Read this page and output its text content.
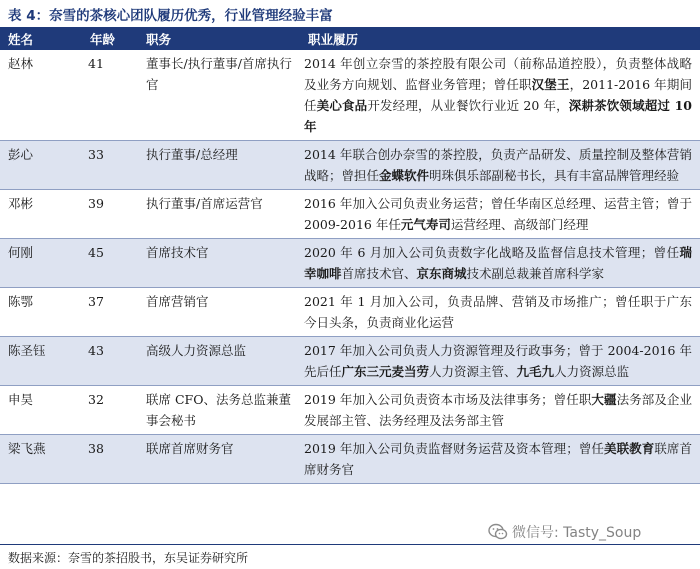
表 4：奈雪的茶核心团队履历优秀，行业管理经验丰富
姓名	年龄	职务	职业履历
赵林	41	董事长/执行董事/首席执行官	2014 年创立奈雪的茶控股有限公司（前称品道控股），负责整体战略及业务方向规划、监督业务管理；曾任职汉堡王，2011-2016 年期间任美心食品开发经理，从业餐饮行业近 20 年，深耕茶饮领域超过 10 年
彭心	33	执行董事/总经理	2014 年联合创办奈雪的茶控股，负责产品研发、质量控制及整体营销战略；曾担任金蝶软件明珠俱乐部副秘书长，具有丰富品牌管理经验
邓彬	39	执行董事/首席运营官	2016 年加入公司负责业务运营；曾任华南区总经理、运营主管；曾于 2009-2016 年任元气寿司运营经理、高级部门经理
何刚	45	首席技术官	2020 年 6 月加入公司负责数字化战略及监督信息技术管理；曾任瑞幸咖啡首席技术官、京东商城技术副总裁兼首席科学家
陈鄂	37	首席营销官	2021 年 1 月加入公司，负责品牌、营销及市场推广；曾任职于广东今日头条，负责商业化运营
陈圣钰	43	高级人力资源总监	2017 年加入公司负责人力资源管理及行政事务；曾于 2004-2016 年先后任广东三元麦当劳人力资源主管、九毛九人力资源总监
申昊	32	联席 CFO、法务总监兼董事会秘书	2019 年加入公司负责资本市场及法律事务；曾任职大疆法务部及企业发展部主管、法务经理及法务部主管
梁飞燕	38	联席首席财务官	2019 年加入公司负责监督财务运营及资本管理；曾任美联教育联席首席财务官
数据来源：奈雪的茶招股书，东吴证券研究所
微信号: Tasty_Soup
